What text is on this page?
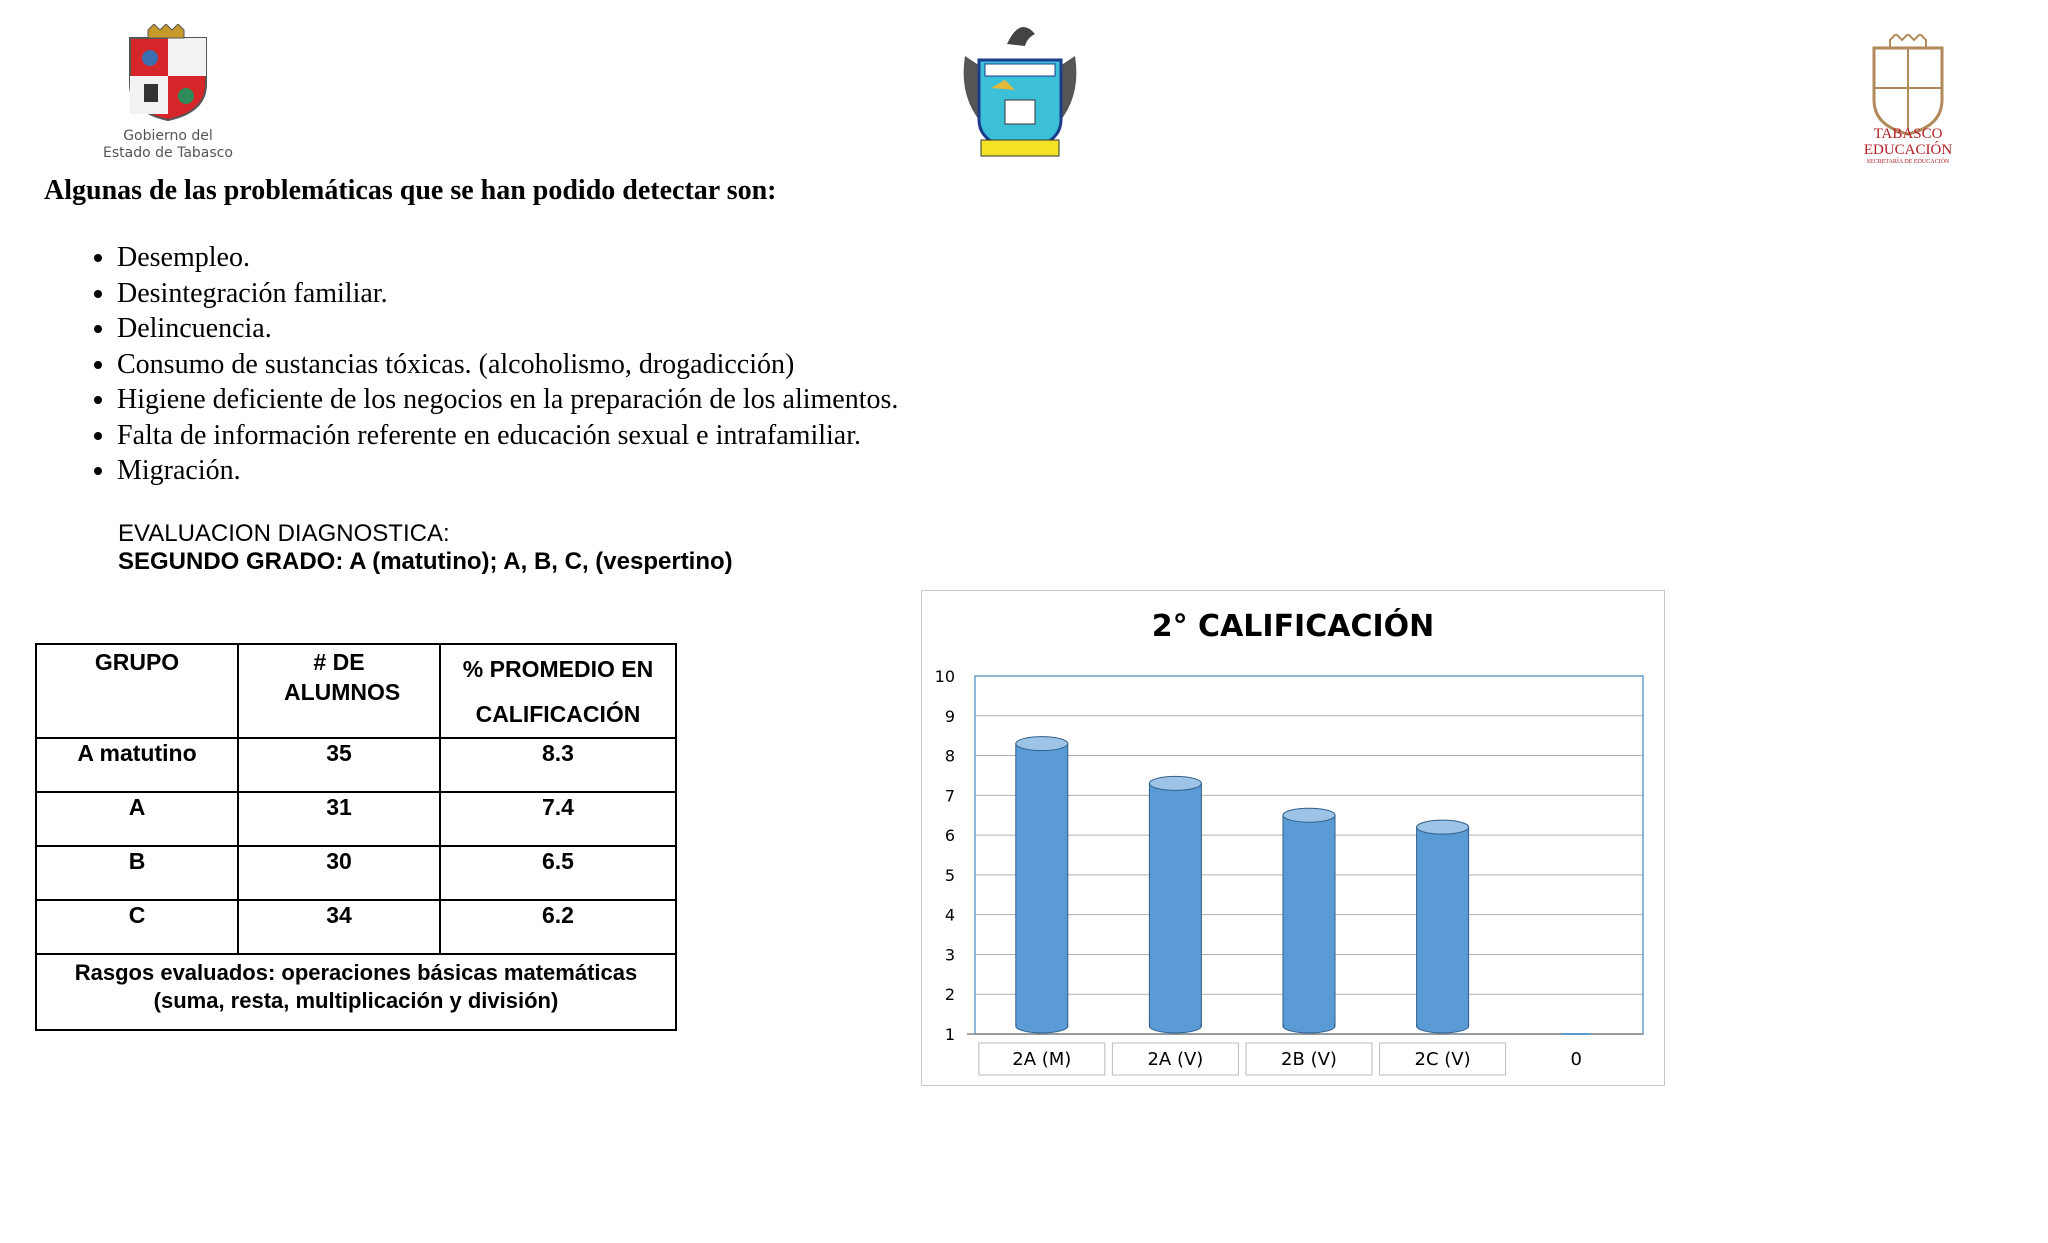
Gobierno del
Estado de Tabasco
TABASCO
EDUCACIÓN
SECRETARÍA DE EDUCACIÓN
Algunas de las problemáticas que se han podido detectar son:
• Desempleo.
• Desintegración familiar.
• Delincuencia.
• Consumo de sustancias tóxicas. (alcoholismo, drogadicción)
• Higiene deficiente de los negocios en la preparación de los alimentos.
• Falta de información referente en educación sexual e intrafamiliar.
• Migración.
EVALUACION DIAGNOSTICA:
SEGUNDO GRADO: A (matutino); A, B, C, (vespertino)
GRUPO	# DE ALUMNOS	% PROMEDIO EN CALIFICACIÓN
A matutino	35	8.3
A	31	7.4
B	30	6.5
C	34	6.2
Rasgos evaluados: operaciones básicas matemáticas (suma, resta, multiplicación y división)		
2° CALIFICACIÓN
1
2
3
4
5
6
7
8
9
10
2A (M)	2A (V)	2B (V)	2C (V)	0
